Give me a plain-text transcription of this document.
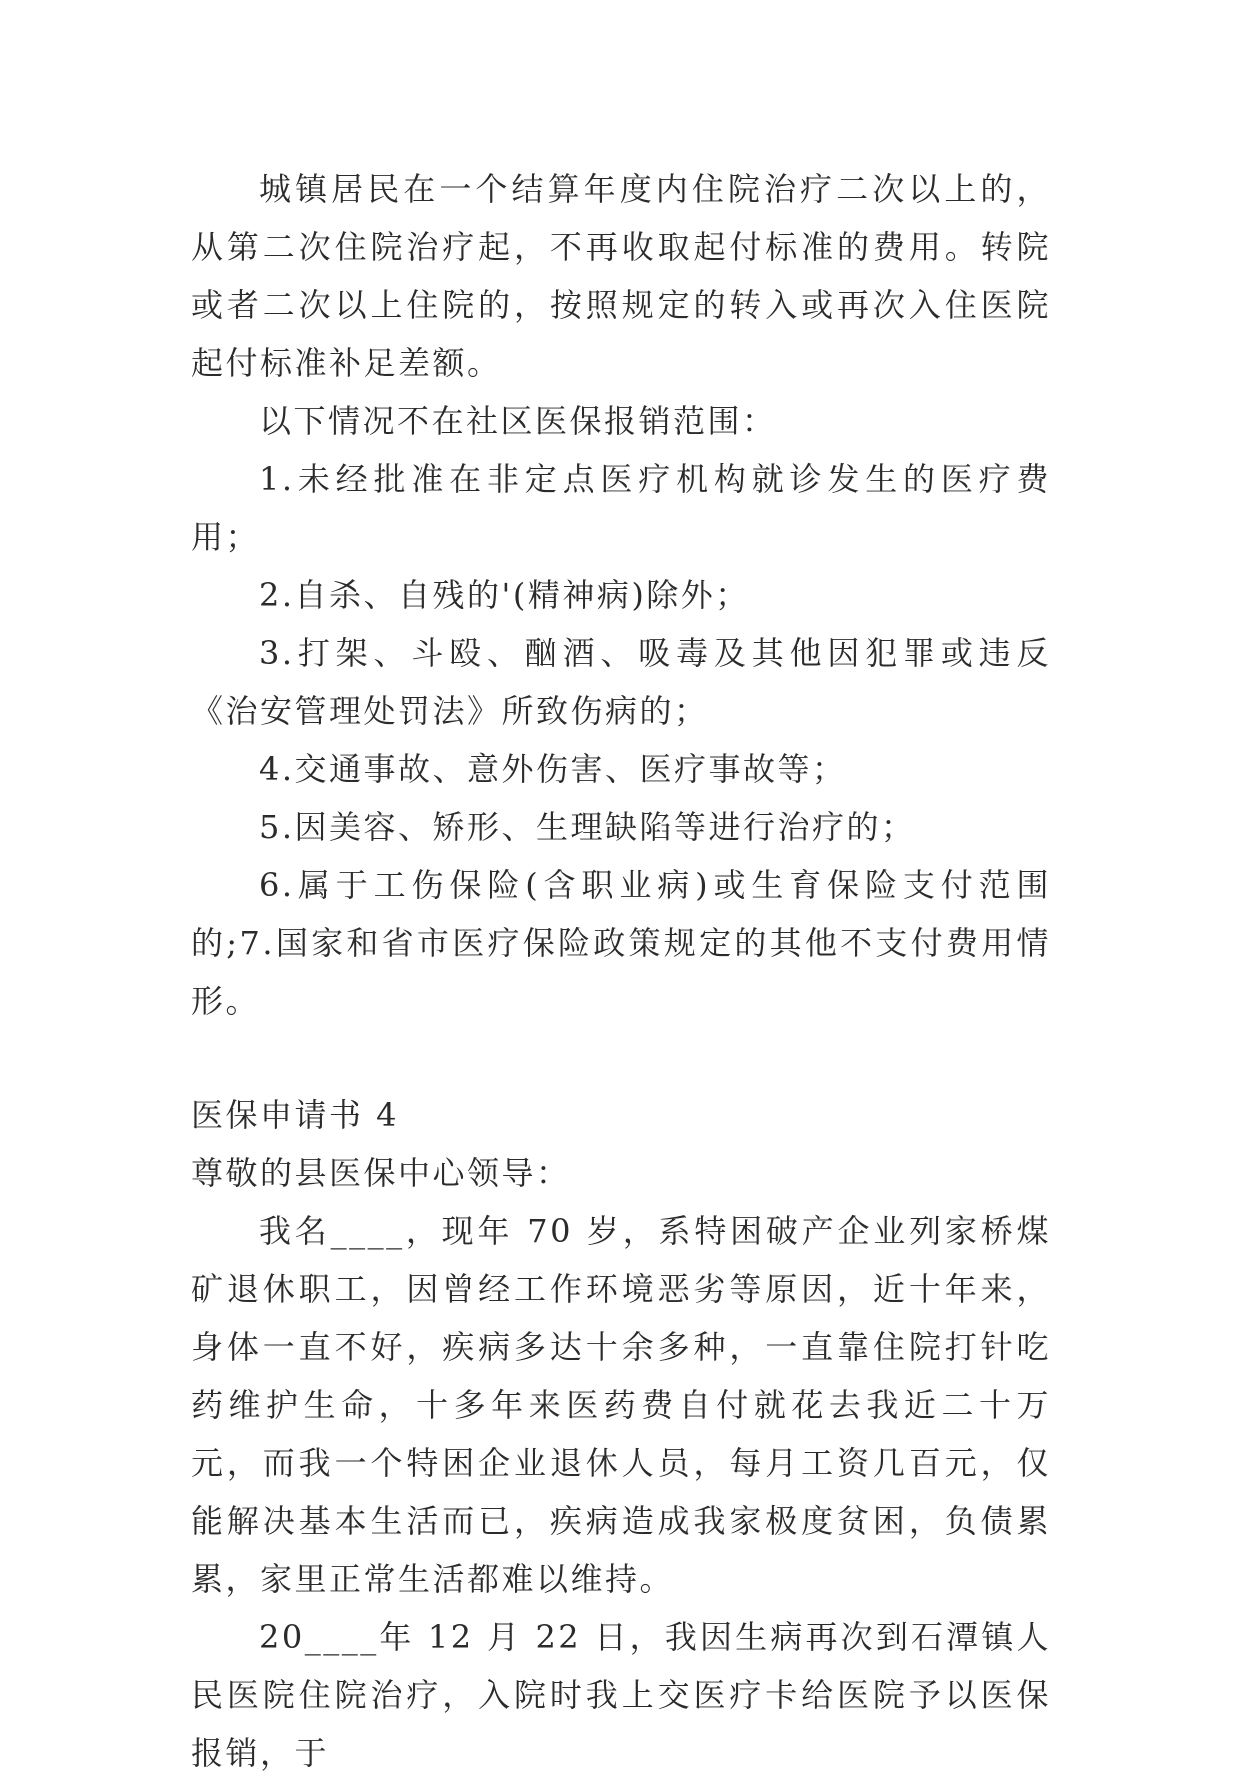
城镇居民在一个结算年度内住院治疗二次以上的，从第二次住院治疗起，不再收取起付标准的费用。转院或者二次以上住院的，按照规定的转入或再次入住医院起付标准补足差额。

以下情况不在社区医保报销范围：

1.未经批准在非定点医疗机构就诊发生的医疗费用；

2.自杀、自残的'(精神病)除外；

3.打架、斗殴、酗酒、吸毒及其他因犯罪或违反《治安管理处罚法》所致伤病的；

4.交通事故、意外伤害、医疗事故等；

5.因美容、矫形、生理缺陷等进行治疗的；

6.属于工伤保险(含职业病)或生育保险支付范围的;7.国家和省市医疗保险政策规定的其他不支付费用情形。

医保申请书 4

尊敬的县医保中心领导：

我名____，现年 70 岁，系特困破产企业列家桥煤矿退休职工，因曾经工作环境恶劣等原因，近十年来，身体一直不好，疾病多达十余多种，一直靠住院打针吃药维护生命，十多年来医药费自付就花去我近二十万元，而我一个特困企业退休人员，每月工资几百元，仅能解决基本生活而已，疾病造成我家极度贫困，负债累累，家里正常生活都难以维持。

20____年 12 月 22 日，我因生病再次到石潭镇人民医院住院治疗，入院时我上交医疗卡给医院予以医保报销，于
